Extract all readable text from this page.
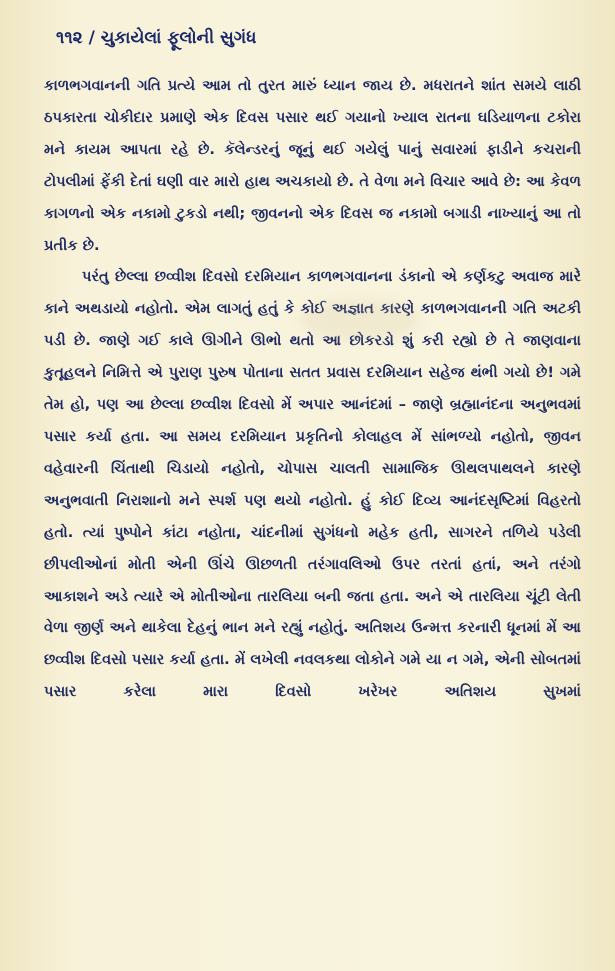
૧૧૨ / ચુકાયેલાં ફૂલોની સુગંધ

કાળભગવાનની ગતિ પ્રત્યે આમ તો તુરત મારું ધ્યાન જાય છે. મધરાતને શાંત સમયે લાઠી ઠપકારતા ચોકીદાર પ્રમાણે એક દિવસ પસાર થઈ ગયાનો ખ્યાલ રાતના ઘડિયાળના ટકોરા મને કાયમ આપતા રહે છે. કૅલેન્ડરનું જૂનું થઈ ગયેલું પાનું સવારમાં ફાડીને કચરાની ટોપલીમાં ફેંકી દેતાં ઘણી વાર મારો હાથ અચકાયો છે. તે વેળા મને વિચાર આવે છે: આ કેવળ કાગળનો એક નકામો ટુકડો નથી; જીવનનો એક દિવસ જ નકામો બગાડી નાખ્યાનું આ તો પ્રતીક છે.

પરંતુ છેલ્લા છવ્વીશ દિવસો દરમિયાન કાળભગવાનના ડંકાનો એ કર્ણકટુ અવાજ મારે કાને અથડાયો નહોતો. એમ લાગતું હતું કે કોઈ અજ્ઞાત કારણે કાળભગવાનની ગતિ અટકી પડી છે. જાણે ગઈ કાલે ઊગીને ઊભો થતો આ છોકરડો શું કરી રહ્યો છે તે જાણવાના કુતૂહલને નિમિત્તે એ પુરાણ પુરુષ પોતાના સતત પ્રવાસ દરમિયાન સહેજ થંભી ગયો છે! ગમે તેમ હો, પણ આ છેલ્લા છવ્વીશ દિવસો મેં અપાર આનંદમાં – જાણે બ્રહ્માનંદના અનુભવમાં પસાર કર્યા હતા. આ સમય દરમિયાન પ્રકૃતિનો કોલાહલ મેં સાંભળ્યો નહોતો, જીવન વહેવારની ચિંતાથી ચિડાયો નહોતો, ચોપાસ ચાલતી સામાજિક ઊથલપાથલને કારણે અનુભવાતી નિરાશાનો મને સ્પર્શ પણ થયો નહોતો. હું કોઈ દિવ્ય આનંદસૃષ્ટિમાં વિહરતો હતો. ત્યાં પુષ્પોને કાંટા નહોતા, ચાંદનીમાં સુગંધનો મહેક હતી, સાગરને તળિયે પડેલી છીપલીઓનાં મોતી એની ઊંચે ઊછળતી તરંગાવલિઓ ઉપર તરતાં હતાં, અને તરંગો આકાશને અડે ત્યારે એ મોતીઓના તારલિયા બની જતા હતા. અને એ તારલિયા ચૂંટી લેતી વેળા જીર્ણ અને થાકેલા દેહનું ભાન મને રહ્યું નહોતું. અતિશય ઉન્મત્ત કરનારી ધૂનમાં મેં આ છવ્વીશ દિવસો પસાર કર્યા હતા. મેં લખેલી નવલકથા લોકોને ગમે યા ન ગમે, એની સોબતમાં પસાર કરેલા મારા દિવસો ખરેખર અતિશય સુખમાં
